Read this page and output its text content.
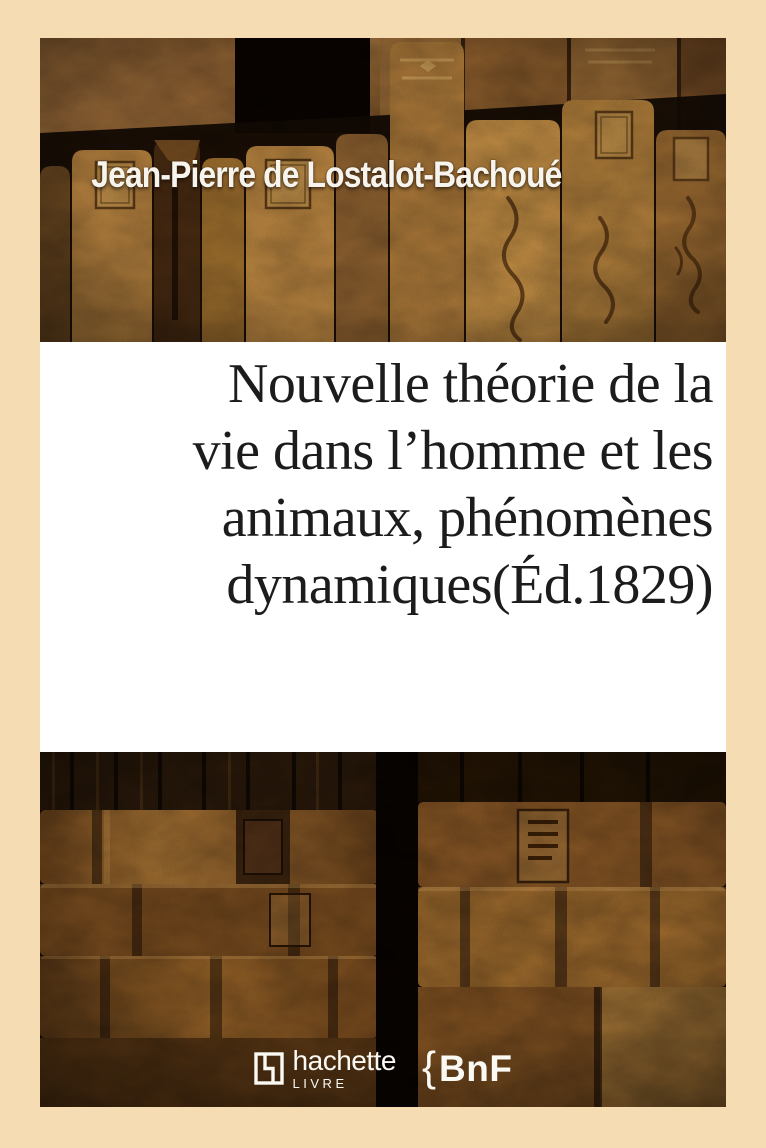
Jean-Pierre de Lostalot-Bachoué
Nouvelle théorie de la
vie dans l’homme et les
animaux, phénomènes
dynamiques(Éd.1829)
hachette
LIVRE	{ BnF
